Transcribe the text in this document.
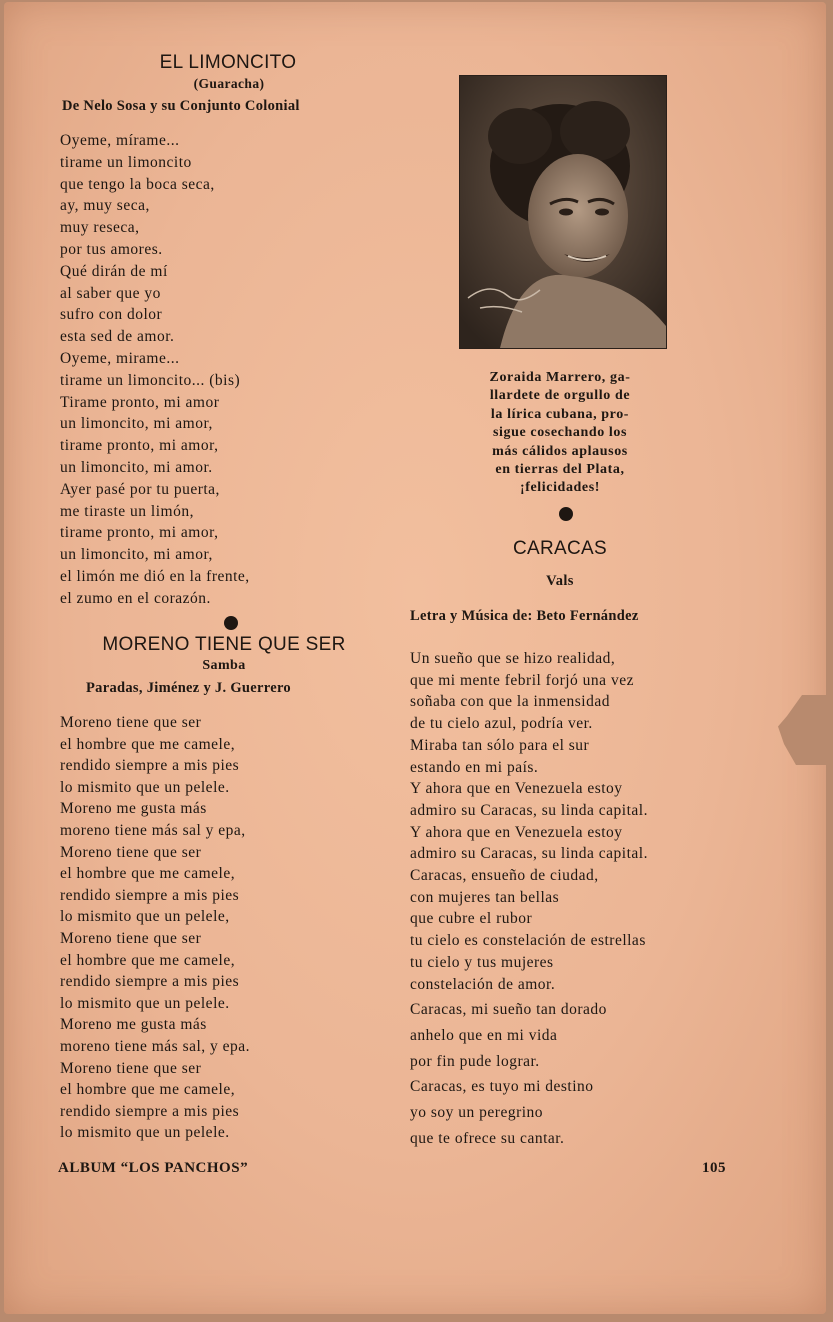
EL LIMONCITO
(Guaracha)
De Nelo Sosa y su Conjunto Colonial
Oyeme, mírame...
tirame un limoncito
que tengo la boca seca,
ay, muy seca,
muy reseca,
por tus amores.
Qué dirán de mí
al saber que yo
sufro con dolor
esta sed de amor.
Oyeme, mirame...
tirame un limoncito... (bis)
Tirame pronto, mi amor
un limoncito, mi amor,
tirame pronto, mi amor,
un limoncito, mi amor.
Ayer pasé por tu puerta,
me tiraste un limón,
tirame pronto, mi amor,
un limoncito, mi amor,
el limón me dió en la frente,
el zumo en el corazón.
MORENO TIENE QUE SER
Samba
Paradas, Jiménez y J. Guerrero
Moreno tiene que ser
el hombre que me camele,
rendido siempre a mis pies
lo mismito que un pelele.
Moreno me gusta más
moreno tiene más sal y epa,
Moreno tiene que ser
el hombre que me camele,
rendido siempre a mis pies
lo mismito que un pelele,
Moreno tiene que ser
el hombre que me camele,
rendido siempre a mis pies
lo mismito que un pelele.
Moreno me gusta más
moreno tiene más sal, y epa.
Moreno tiene que ser
el hombre que me camele,
rendido siempre a mis pies
lo mismito que un pelele.
Zoraida Marrero, ga-
llardete de orgullo de
la lírica cubana, pro-
sigue cosechando los
más cálidos aplausos
en tierras del Plata,
¡felicidades!
CARACAS
Vals
Letra y Música de: Beto Fernández
Un sueño que se hizo realidad,
que mi mente febril forjó una vez
soñaba con que la inmensidad
de tu cielo azul, podría ver.
Miraba tan sólo para el sur
estando en mi país.
Y ahora que en Venezuela estoy
admiro su Caracas, su linda capital.
Y ahora que en Venezuela estoy
admiro su Caracas, su linda capital.
Caracas, ensueño de ciudad,
con mujeres tan bellas
que cubre el rubor
tu cielo es constelación de estrellas
tu cielo y tus mujeres
constelación de amor.
Caracas, mi sueño tan dorado
anhelo que en mi vida
por fin pude lograr.
Caracas, es tuyo mi destino
yo soy un peregrino
que te ofrece su cantar.
ALBUM “LOS PANCHOS”	105
